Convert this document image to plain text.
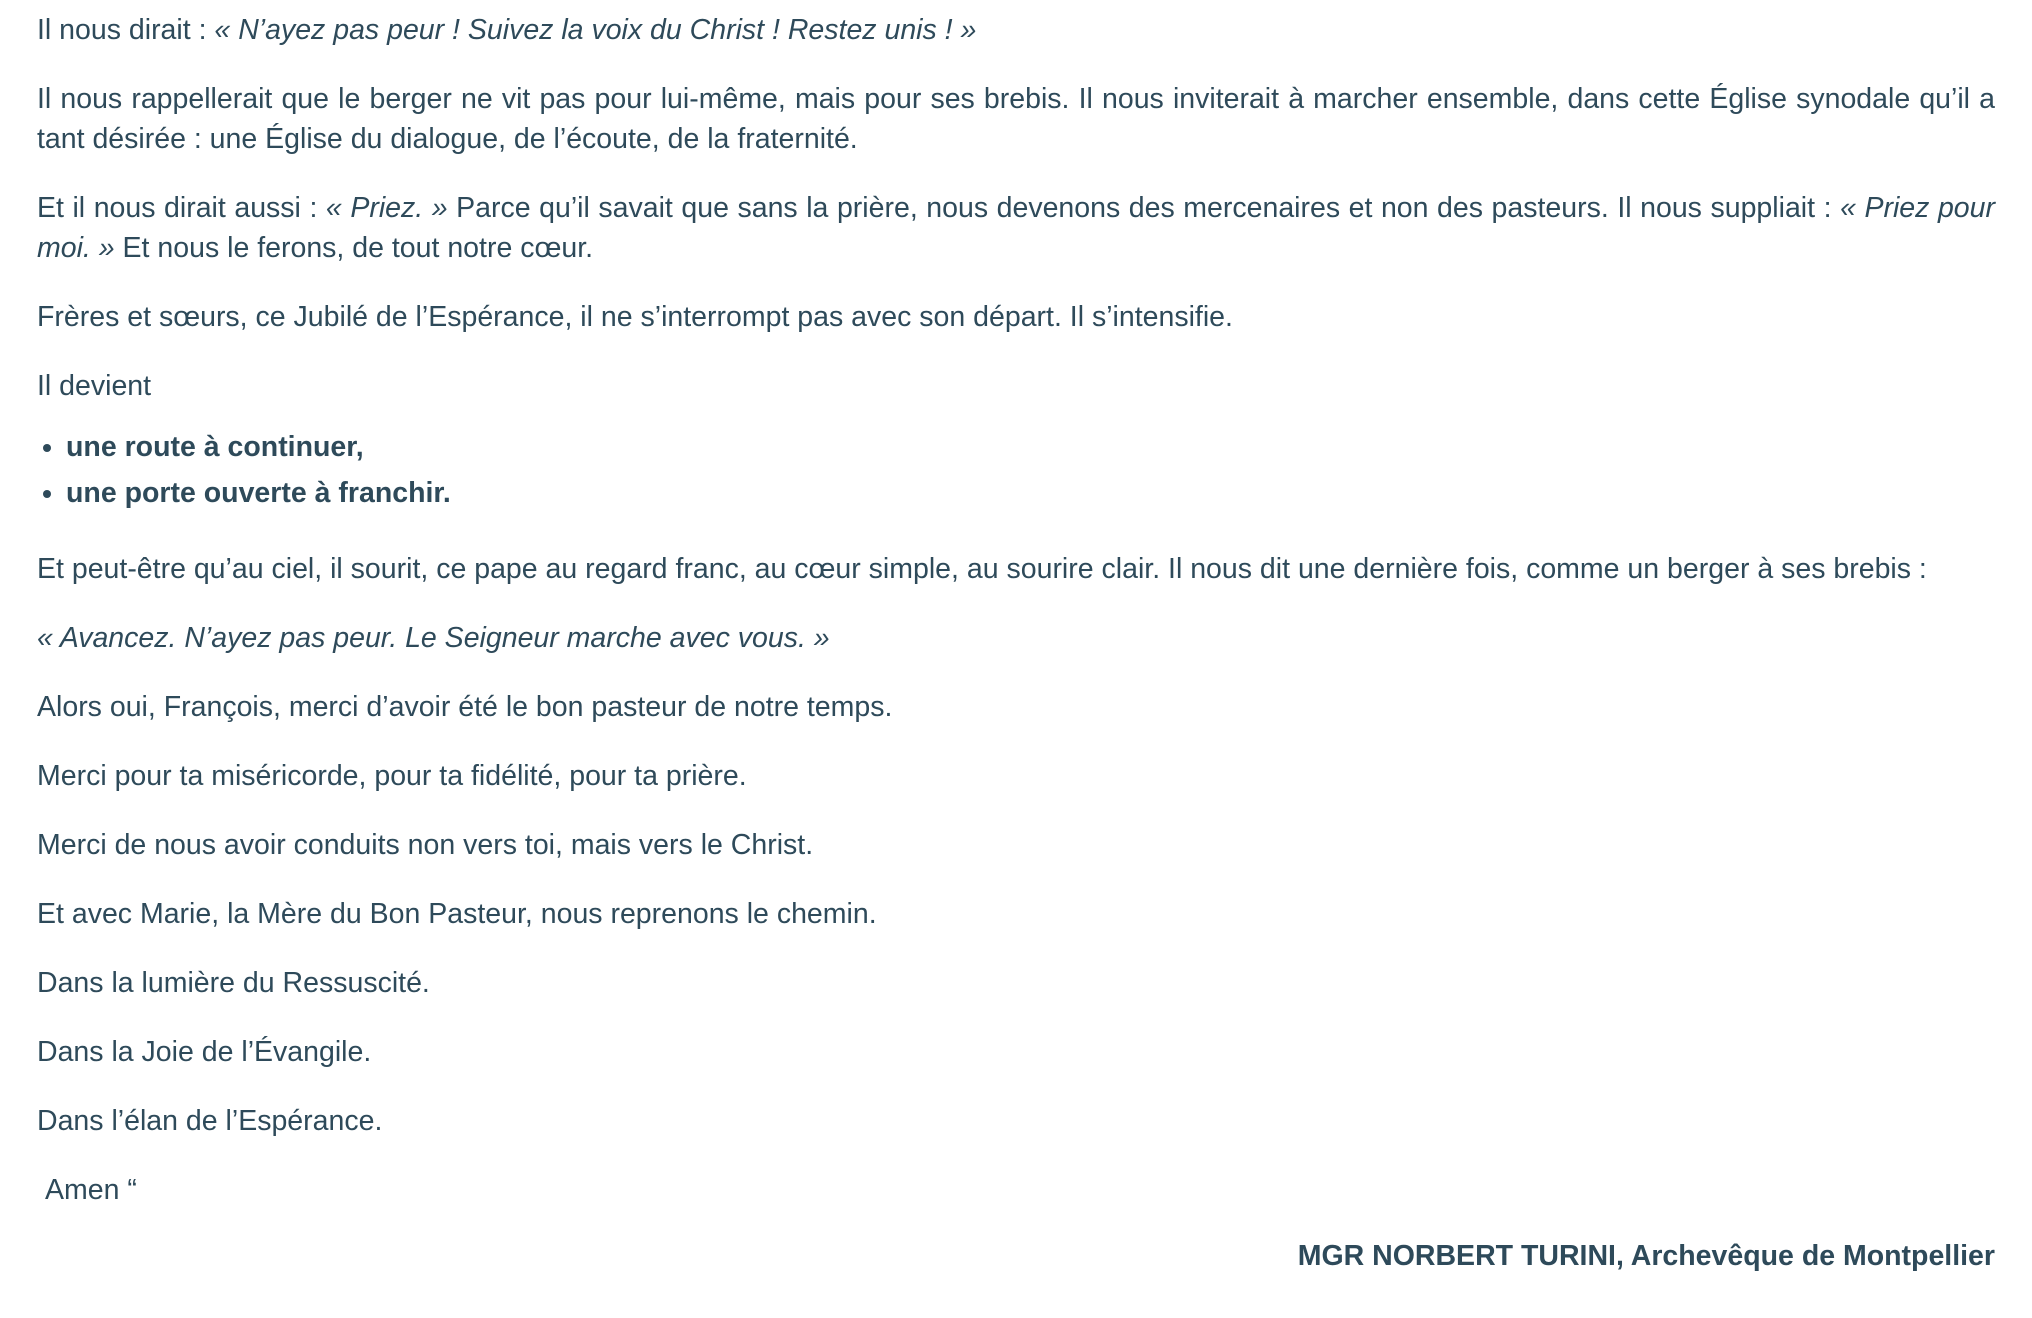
Il nous dirait : « N’ayez pas peur ! Suivez la voix du Christ ! Restez unis ! »

Il nous rappellerait que le berger ne vit pas pour lui-même, mais pour ses brebis. Il nous inviterait à marcher ensemble, dans cette Église synodale qu’il a tant désirée : une Église du dialogue, de l’écoute, de la fraternité.

Et il nous dirait aussi : « Priez. » Parce qu’il savait que sans la prière, nous devenons des mercenaires et non des pasteurs. Il nous suppliait : « Priez pour moi. » Et nous le ferons, de tout notre cœur.

Frères et sœurs, ce Jubilé de l’Espérance, il ne s’interrompt pas avec son départ. Il s’intensifie.

Il devient

• une route à continuer,
• une porte ouverte à franchir.

Et peut-être qu’au ciel, il sourit, ce pape au regard franc, au cœur simple, au sourire clair. Il nous dit une dernière fois, comme un berger à ses brebis :

« Avancez. N’ayez pas peur. Le Seigneur marche avec vous. »

Alors oui, François, merci d’avoir été le bon pasteur de notre temps.

Merci pour ta miséricorde, pour ta fidélité, pour ta prière.

Merci de nous avoir conduits non vers toi, mais vers le Christ.

Et avec Marie, la Mère du Bon Pasteur, nous reprenons le chemin.

Dans la lumière du Ressuscité.

Dans la Joie de l’Évangile.

Dans l’élan de l’Espérance.

Amen “

MGR NORBERT TURINI, Archevêque de Montpellier
